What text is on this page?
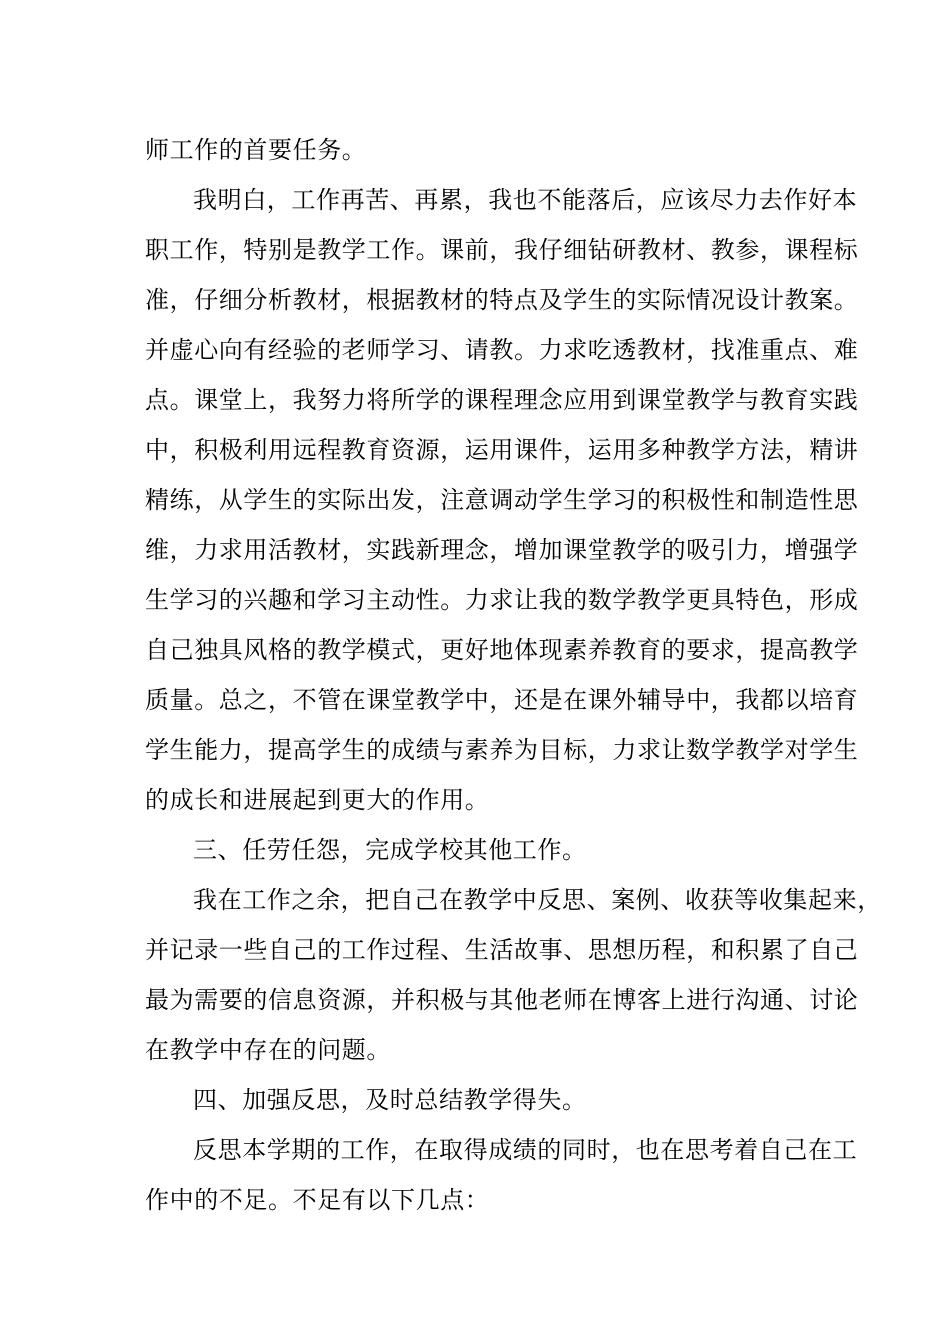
师工作的首要任务。
我明白，工作再苦、再累，我也不能落后，应该尽力去作好本
职工作，特别是教学工作。课前，我仔细钻研教材、教参，课程标
准，仔细分析教材，根据教材的特点及学生的实际情况设计教案。
并虚心向有经验的老师学习、请教。力求吃透教材，找准重点、难
点。课堂上，我努力将所学的课程理念应用到课堂教学与教育实践
中，积极利用远程教育资源，运用课件，运用多种教学方法，精讲
精练，从学生的实际出发，注意调动学生学习的积极性和制造性思
维，力求用活教材，实践新理念，增加课堂教学的吸引力，增强学
生学习的兴趣和学习主动性。力求让我的数学教学更具特色，形成
自己独具风格的教学模式，更好地体现素养教育的要求，提高教学
质量。总之，不管在课堂教学中，还是在课外辅导中，我都以培育
学生能力，提高学生的成绩与素养为目标，力求让数学教学对学生
的成长和进展起到更大的作用。
三、任劳任怨，完成学校其他工作。
我在工作之余，把自己在教学中反思、案例、收获等收集起来，
并记录一些自己的工作过程、生活故事、思想历程，和积累了自己
最为需要的信息资源，并积极与其他老师在博客上进行沟通、讨论
在教学中存在的问题。
四、加强反思，及时总结教学得失。
反思本学期的工作，在取得成绩的同时，也在思考着自己在工
作中的不足。不足有以下几点：
